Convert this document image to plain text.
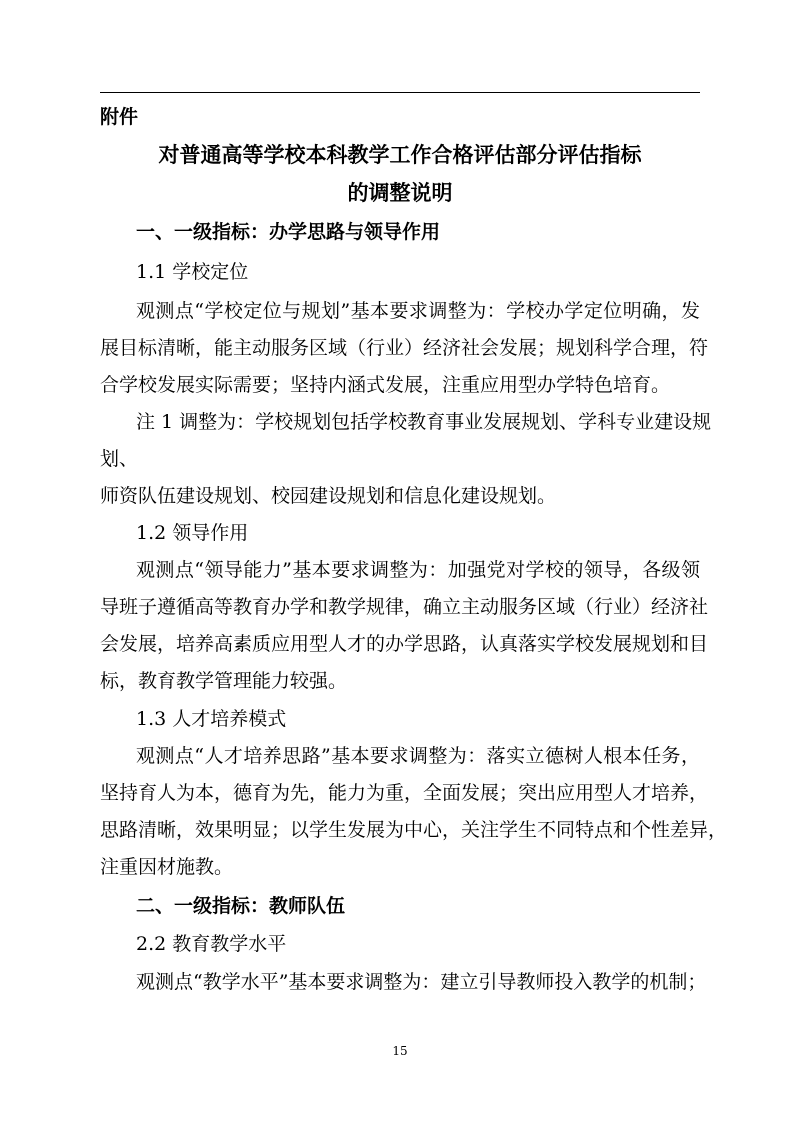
附件
对普通高等学校本科教学工作合格评估部分评估指标
的调整说明
一、一级指标：办学思路与领导作用
1.1 学校定位
观测点“学校定位与规划”基本要求调整为：学校办学定位明确，发
展目标清晰，能主动服务区域（行业）经济社会发展；规划科学合理，符
合学校发展实际需要；坚持内涵式发展，注重应用型办学特色培育。
注 1 调整为：学校规划包括学校教育事业发展规划、学科专业建设规
划、
师资队伍建设规划、校园建设规划和信息化建设规划。
1.2 领导作用
观测点“领导能力”基本要求调整为：加强党对学校的领导，各级领
导班子遵循高等教育办学和教学规律，确立主动服务区域（行业）经济社
会发展，培养高素质应用型人才的办学思路，认真落实学校发展规划和目
标，教育教学管理能力较强。
1.3 人才培养模式
观测点“人才培养思路”基本要求调整为：落实立德树人根本任务，
坚持育人为本，德育为先，能力为重，全面发展；突出应用型人才培养，
思路清晰，效果明显；以学生发展为中心，关注学生不同特点和个性差异，
注重因材施教。
二、一级指标：教师队伍
2.2 教育教学水平
观测点“教学水平”基本要求调整为：建立引导教师投入教学的机制；
15
